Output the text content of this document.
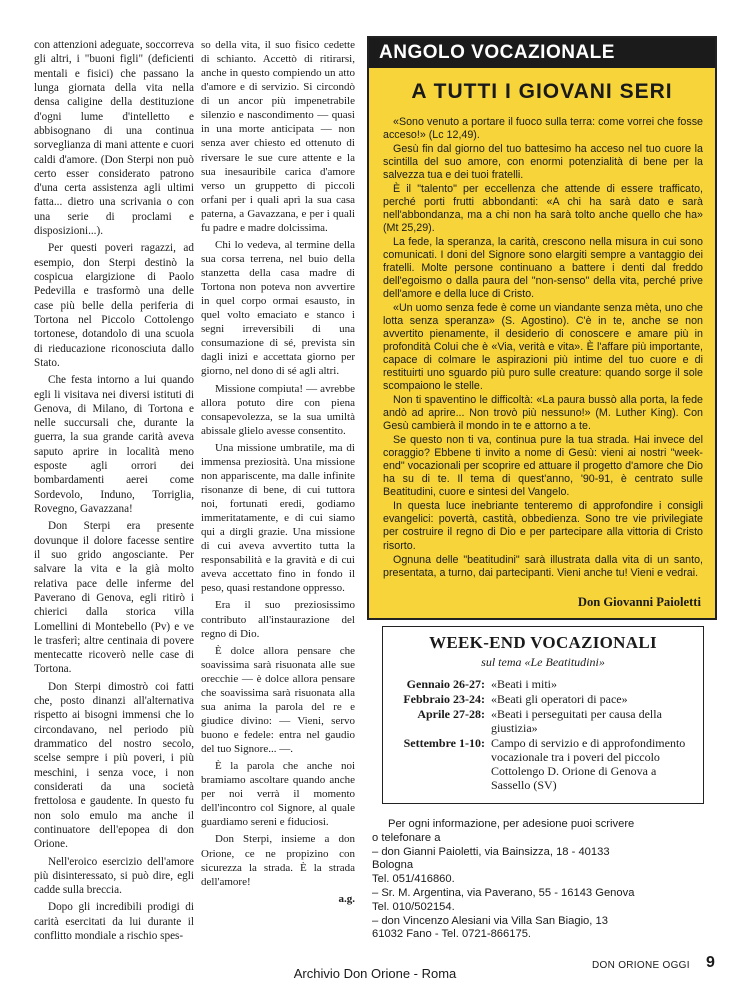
con attenzioni adeguate, soccorreva gli altri, i "buoni figli" (deficienti mentali e fisici) che passano la lunga giornata della vita nella densa caligine della destituzione d'ogni lume d'intelletto e abbisognano di una continua sorveglianza di mani attente e cuori caldi d'amore. (Don Sterpi non può certo esser considerato patrono d'una certa assistenza agli ultimi fatta... dietro una scrivania o con una serie di proclami e disposizioni...).

Per questi poveri ragazzi, ad esempio, don Sterpi destinò la cospicua elargizione di Paolo Pedevilla e trasformò una delle case più belle della periferia di Tortona nel Piccolo Cottolengo tortonese, dotandolo di una scuola di rieducazione riconosciuta dallo Stato.

Che festa intorno a lui quando egli li visitava nei diversi istituti di Genova, di Milano, di Tortona e nelle succursali che, durante la guerra, la sua grande carità aveva saputo aprire in località meno esposte agli orrori dei bombardamenti aerei come Sordevolo, Induno, Torriglia, Rovegno, Gavazzana!

Don Sterpi era presente dovunque il dolore facesse sentire il suo grido angosciante. Per salvare la vita e la già molto relativa pace delle inferme del Paverano di Genova, egli ritirò i chierici dalla storica villa Lomellini di Montebello (Pv) e ve le trasferì; altre centinaia di povere mentecatte ricoverò nelle case di Tortona.

Don Sterpi dimostrò coi fatti che, posto dinanzi all'alternativa rispetto ai bisogni immensi che lo circondavano, nel periodo più drammatico del nostro secolo, scelse sempre i più poveri, i più meschini, i senza voce, i non considerati da una società frettolosa e gaudente. In questo fu non solo emulo ma anche il continuatore dell'epopea di don Orione.

Nell'eroico esercizio dell'amore più disinteressato, si può dire, egli cadde sulla breccia.

Dopo gli incredibili prodigi di carità esercitati da lui durante il conflitto mondiale a rischio spes-

so della vita, il suo fisico cedette di schianto. Accettò di ritirarsi, anche in questo compiendo un atto d'amore e di servizio. Si circondò di un ancor più impenetrabile silenzio e nascondimento — quasi in una morte anticipata — non senza aver chiesto ed ottenuto di riversare le sue cure attente e la sua inesauribile carica d'amore verso un gruppetto di piccoli orfani per i quali aprì la sua casa paterna, a Gavazzana, e per i quali fu padre e madre dolcissima.

Chi lo vedeva, al termine della sua corsa terrena, nel buio della stanzetta della casa madre di Tortona non poteva non avvertire in quel corpo ormai esausto, in quel volto emaciato e stanco i segni irreversibili di una consumazione di sé, prevista sin dagli inizi e accettata giorno per giorno, nel dono di sé agli altri.

Missione compiuta! — avrebbe allora potuto dire con piena consapevolezza, se la sua umiltà abissale glielo avesse consentito.

Una missione umbratile, ma di immensa preziosità. Una missione non appariscente, ma dalle infinite risonanze di bene, di cui tuttora noi, fortunati eredi, godiamo immeritatamente, e di cui siamo qui a dirgli grazie. Una missione di cui aveva avvertito tutta la responsabilità e la gravità e di cui aveva accettato fino in fondo il peso, quasi restandone oppresso.

Era il suo preziosissimo contributo all'instaurazione del regno di Dio.

È dolce allora pensare che soavissima sarà risuonata alle sue orecchie — è dolce allora pensare che soavissima sarà risuonata alla sua anima la parola del re e giudice divino: — Vieni, servo buono e fedele: entra nel gaudio del tuo Signore... —.

È la parola che anche noi bramiamo ascoltare quando anche per noi verrà il momento dell'incontro col Signore, al quale guardiamo sereni e fiduciosi.

Don Sterpi, insieme a don Orione, ce ne propizino con sicurezza la strada. È la strada dell'amore!

a.g.

ANGOLO VOCAZIONALE
A TUTTI I GIOVANI SERI

«Sono venuto a portare il fuoco sulla terra: come vorrei che fosse acceso!» (Lc 12,49).

Gesù fin dal giorno del tuo battesimo ha acceso nel tuo cuore la scintilla del suo amore, con enormi potenzialità di bene per la salvezza tua e dei tuoi fratelli.

È il "talento" per eccellenza che attende di essere trafficato, perché porti frutti abbondanti: «A chi ha sarà dato e sarà nell'abbondanza, ma a chi non ha sarà tolto anche quello che ha» (Mt 25,29).

La fede, la speranza, la carità, crescono nella misura in cui sono comunicati. I doni del Signore sono elargiti sempre a vantaggio dei fratelli. Molte persone continuano a battere i denti dal freddo dell'egoismo o dalla paura del "non-senso" della vita, perché prive dell'amore e della luce di Cristo.

«Un uomo senza fede è come un viandante senza mèta, uno che lotta senza speranza» (S. Agostino). C'è in te, anche se non avvertito pienamente, il desiderio di conoscere e amare più in profondità Colui che è «Via, verità e vita». È l'affare più importante, capace di colmare le aspirazioni più intime del tuo cuore e di restituirti uno sguardo più puro sulle creature: quando sorge il sole scompaiono le stelle.

Non ti spaventino le difficoltà: «La paura bussò alla porta, la fede andò ad aprire... Non trovò più nessuno!» (M. Luther King). Con Gesù cambierà il mondo in te e attorno a te.

Se questo non ti va, continua pure la tua strada. Hai invece del coraggio? Ebbene ti invito a nome di Gesù: vieni ai nostri "week-end" vocazionali per scoprire ed attuare il progetto d'amore che Dio ha su di te. Il tema di quest'anno, '90-91, è centrato sulle Beatitudini, cuore e sintesi del Vangelo.

In questa luce inebriante tenteremo di approfondire i consigli evangelici: povertà, castità, obbedienza. Sono tre vie privilegiate per costruire il regno di Dio e per partecipare alla vittoria di Cristo risorto.

Ognuna delle "beatitudini" sarà illustrata dalla vita di un santo, presentata, a turno, dai partecipanti. Vieni anche tu! Vieni e vedrai.

Don Giovanni Paioletti
WEEK-END VOCAZIONALI
sul tema «Le Beatitudini»
Gennaio 26-27: «Beati i miti»
Febbraio 23-24: «Beati gli operatori di pace»
Aprile 27-28: «Beati i perseguitati per causa della giustizia»
Settembre 1-10: Campo di servizio e di approfondimento vocazionale tra i poveri del piccolo Cottolengo D. Orione di Genova a Sassello (SV)
Per ogni informazione, per adesione puoi scrivere
o telefonare a
– don Gianni Paioletti, via Bainsizza, 18 - 40133
Bologna
Tel. 051/416860.
– Sr. M. Argentina, via Paverano, 55 - 16143 Genova
Tel. 010/502154.
– don Vincenzo Alesiani via Villa San Biagio, 13
61032 Fano - Tel. 0721-866175.
DON ORIONE OGGI 9
Archivio Don Orione - Roma
